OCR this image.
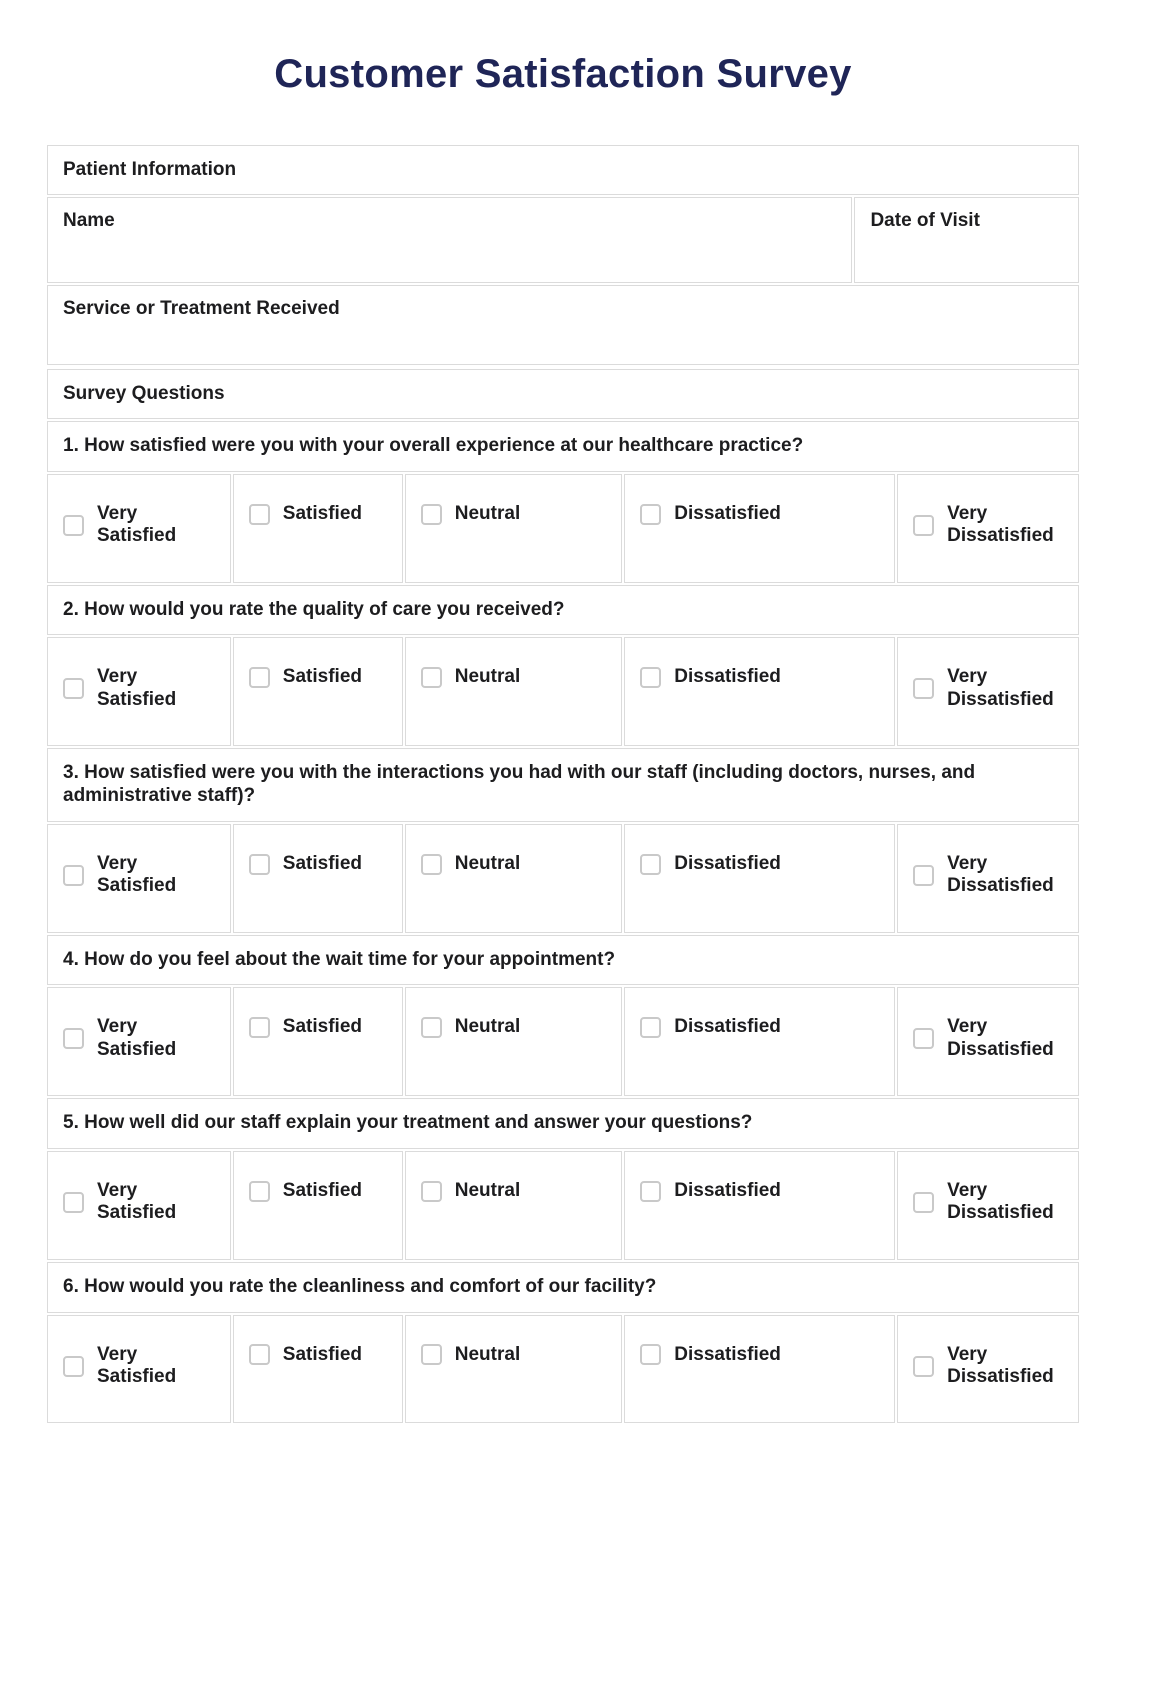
Customer Satisfaction Survey
Patient Information

Name	Date of Visit

Service or Treatment Received
Survey Questions				
1. How satisfied were you with your overall experience at our healthcare practice?				

Very Satisfied	Satisfied	Neutral	Dissatisfied	Very Dissatisfied

2. How would you rate the quality of care you received?				

Very Satisfied	Satisfied	Neutral	Dissatisfied	Very Dissatisfied

3. How satisfied were you with the interactions you had with our staff (including doctors, nurses, and administrative staff)?				

Very Satisfied	Satisfied	Neutral	Dissatisfied	Very Dissatisfied

4. How do you feel about the wait time for your appointment?				

Very Satisfied	Satisfied	Neutral	Dissatisfied	Very Dissatisfied

5. How well did our staff explain your treatment and answer your questions?				

Very Satisfied	Satisfied	Neutral	Dissatisfied	Very Dissatisfied

6. How would you rate the cleanliness and comfort of our facility?				

Very Satisfied	Satisfied	Neutral	Dissatisfied	Very Dissatisfied
